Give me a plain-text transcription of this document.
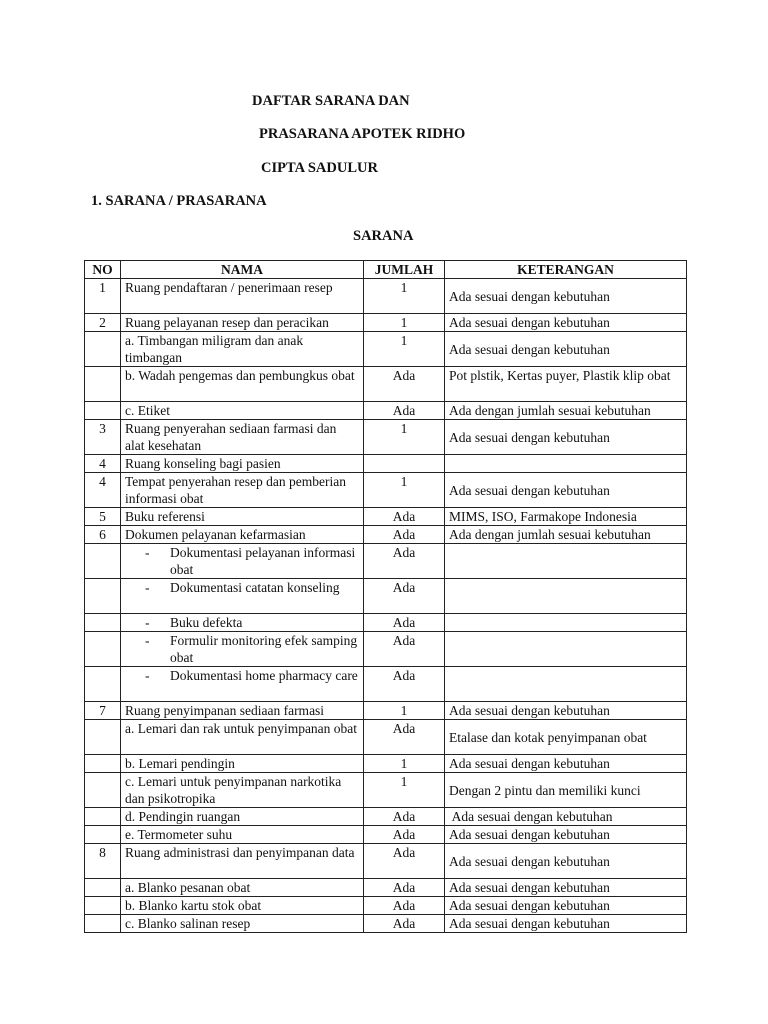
DAFTAR SARANA DAN
PRASARANA APOTEK RIDHO
CIPTA SADULUR
1. SARANA / PRASARANA
SARANA
NO	NAMA	JUMLAH	KETERANGAN
1	Ruang pendaftaran / penerimaan resep	1	Ada sesuai dengan kebutuhan
2	Ruang pelayanan resep dan peracikan	1	Ada sesuai dengan kebutuhan
	a. Timbangan miligram dan anak timbangan	1	Ada sesuai dengan kebutuhan
	b. Wadah pengemas dan pembungkus obat	Ada	Pot plstik, Kertas puyer, Plastik klip obat
	c. Etiket	Ada	Ada dengan jumlah sesuai kebutuhan
3	Ruang penyerahan sediaan farmasi dan alat kesehatan	1	Ada sesuai dengan kebutuhan
4	Ruang konseling bagi pasien		
4	Tempat penyerahan resep dan pemberian informasi obat	1	Ada sesuai dengan kebutuhan
5	Buku referensi	Ada	MIMS, ISO, Farmakope Indonesia
6	Dokumen pelayanan kefarmasian	Ada	Ada dengan jumlah sesuai kebutuhan

	- Dokumentasi pelayanan informasi obat	Ada	

	- Dokumentasi catatan konseling	Ada	

	- Buku defekta	Ada	

	- Formulir monitoring efek samping obat	Ada	

	- Dokumentasi home pharmacy care	Ada	
7	Ruang penyimpanan sediaan farmasi	1	Ada sesuai dengan kebutuhan
	a. Lemari dan rak untuk penyimpanan obat	Ada	Etalase dan kotak penyimpanan obat
	b. Lemari pendingin	1	Ada sesuai dengan kebutuhan
	c. Lemari untuk penyimpanan narkotika dan psikotropika	1	Dengan 2 pintu dan memiliki kunci
	d. Pendingin ruangan	Ada	Ada sesuai dengan kebutuhan
	e. Termometer suhu	Ada	Ada sesuai dengan kebutuhan
8	Ruang administrasi dan penyimpanan data	Ada	Ada sesuai dengan kebutuhan
	a. Blanko pesanan obat	Ada	Ada sesuai dengan kebutuhan
	b. Blanko kartu stok obat	Ada	Ada sesuai dengan kebutuhan
	c. Blanko salinan resep	Ada	Ada sesuai dengan kebutuhan
